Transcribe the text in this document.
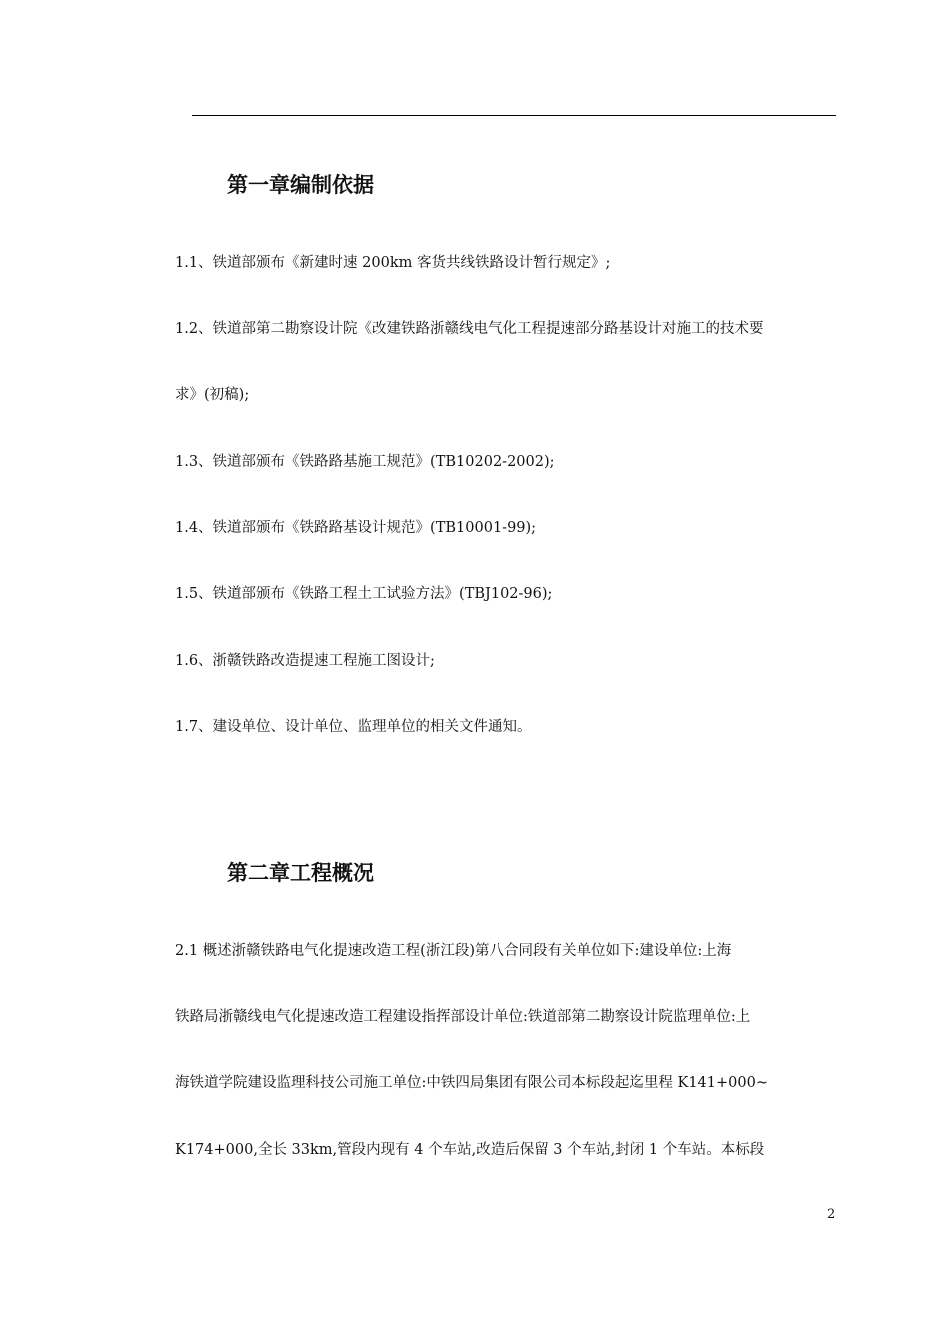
第一章编制依据

1.1、铁道部颁布《新建时速 200km 客货共线铁路设计暂行规定》;

1.2、铁道部第二勘察设计院《改建铁路浙赣线电气化工程提速部分路基设计对施工的技术要

求》(初稿);

1.3、铁道部颁布《铁路路基施工规范》(TB10202-2002);

1.4、铁道部颁布《铁路路基设计规范》(TB10001-99);

1.5、铁道部颁布《铁路工程土工试验方法》(TBJ102-96);

1.6、浙赣铁路改造提速工程施工图设计;

1.7、建设单位、设计单位、监理单位的相关文件通知。

第二章工程概况

2.1 概述浙赣铁路电气化提速改造工程(浙江段)第八合同段有关单位如下:建设单位:上海

铁路局浙赣线电气化提速改造工程建设指挥部设计单位:铁道部第二勘察设计院监理单位:上

海铁道学院建设监理科技公司施工单位:中铁四局集团有限公司本标段起迄里程 K141+000~

K174+000,全长 33km,管段内现有 4 个车站,改造后保留 3 个车站,封闭 1 个车站。本标段

2
